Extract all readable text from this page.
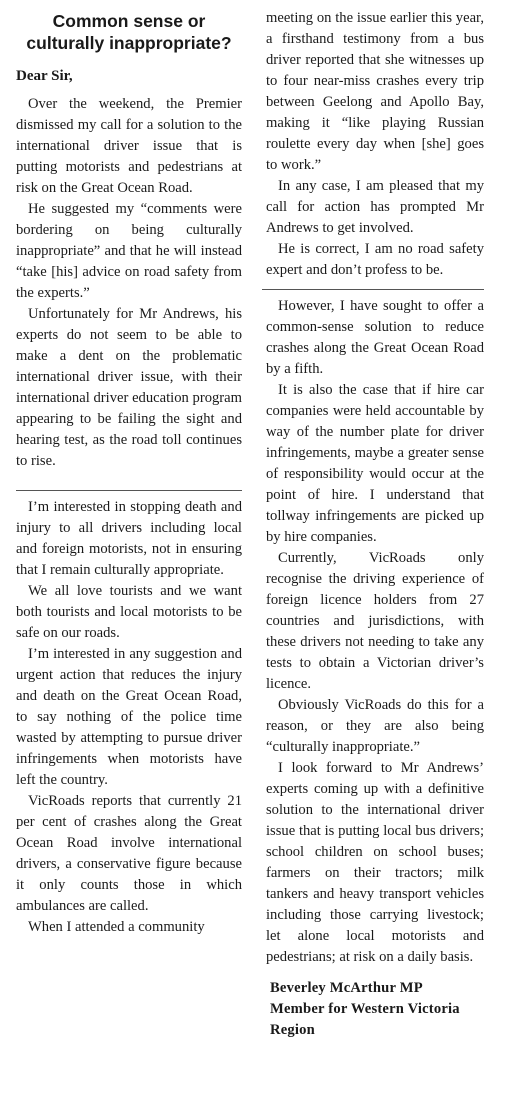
Common sense or culturally inappropriate?
Dear Sir,

Over the weekend, the Premier dismissed my call for a solution to the international driver issue that is putting motorists and pedestrians at risk on the Great Ocean Road.

He suggested my “comments were bordering on being culturally inappropriate” and that he will instead “take [his] advice on road safety from the experts.”

Unfortunately for Mr Andrews, his experts do not seem to be able to make a dent on the problematic international driver issue, with their international driver education program appearing to be failing the sight and hearing test, as the road toll continues to rise.

I’m interested in stopping death and injury to all drivers including local and foreign motorists, not in ensuring that I remain culturally appropriate.

We all love tourists and we want both tourists and local motorists to be safe on our roads.

I’m interested in any suggestion and urgent action that reduces the injury and death on the Great Ocean Road, to say nothing of the police time wasted by attempting to pursue driver infringements when motorists have left the country.

VicRoads reports that currently 21 per cent of crashes along the Great Ocean Road involve international drivers, a conservative figure because it only counts those in which ambulances are called.

When I attended a community

meeting on the issue earlier this year, a firsthand testimony from a bus driver reported that she witnesses up to four near-miss crashes every trip between Geelong and Apollo Bay, making it “like playing Russian roulette every day when [she] goes to work.”

In any case, I am pleased that my call for action has prompted Mr Andrews to get involved.

He is correct, I am no road safety expert and don’t profess to be.

However, I have sought to offer a common-sense solution to reduce crashes along the Great Ocean Road by a fifth.

It is also the case that if hire car companies were held accountable by way of the number plate for driver infringements, maybe a greater sense of responsibility would occur at the point of hire. I understand that tollway infringements are picked up by hire companies.

Currently, VicRoads only recognise the driving experience of foreign licence holders from 27 countries and jurisdictions, with these drivers not needing to take any tests to obtain a Victorian driver’s licence.

Obviously VicRoads do this for a reason, or they are also being “culturally inappropriate.”

I look forward to Mr Andrews’ experts coming up with a definitive solution to the international driver issue that is putting local bus drivers; school children on school buses; farmers on their tractors; milk tankers and heavy transport vehicles including those carrying livestock; let alone local motorists and pedestrians; at risk on a daily basis.

Beverley McArthur MP
Member for Western Victoria Region
